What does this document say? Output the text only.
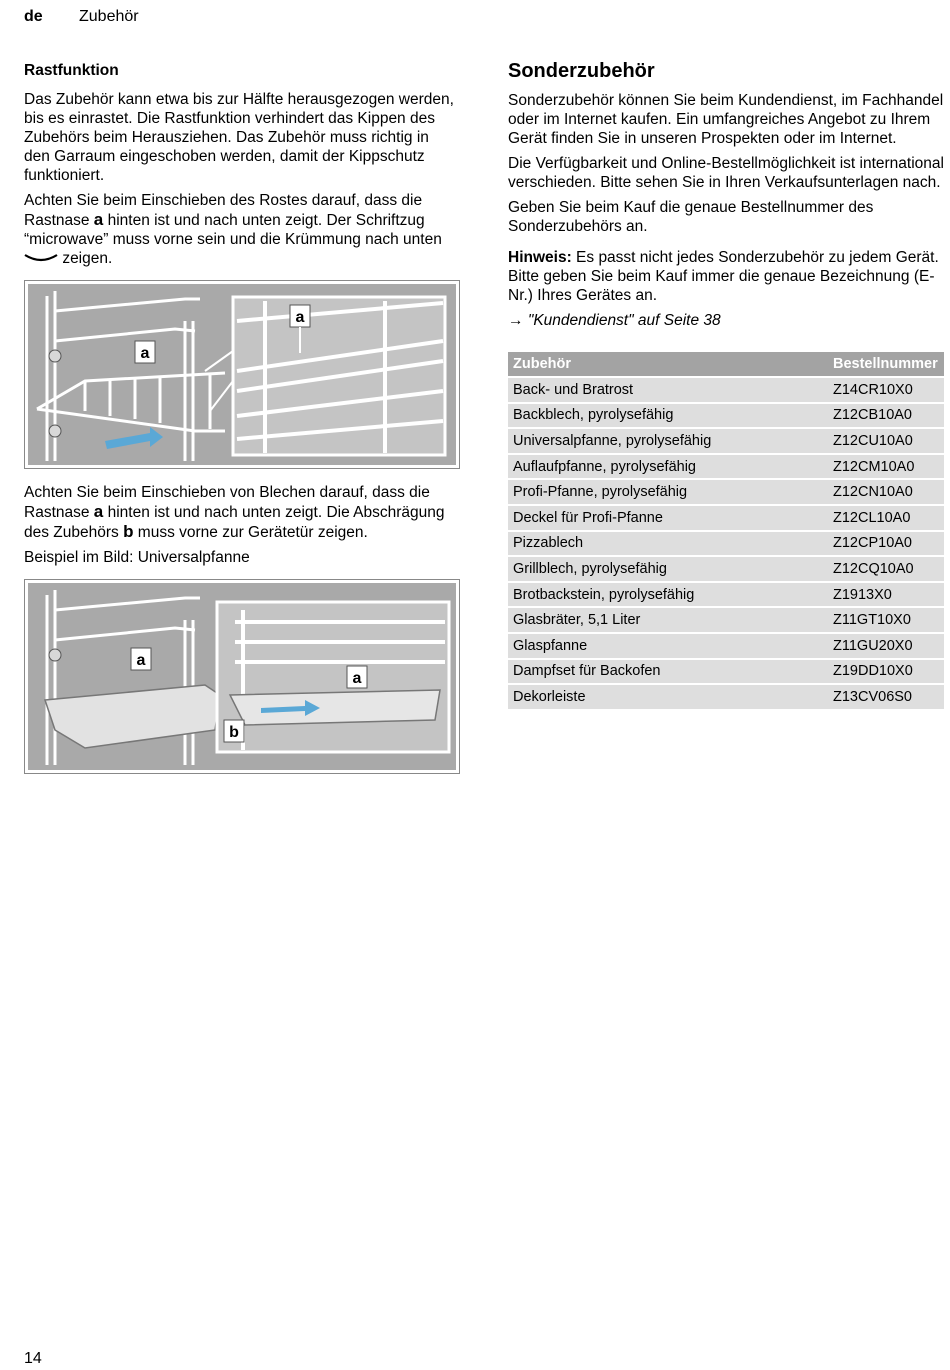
de Zubehör
Rastfunktion

Das Zubehör kann etwa bis zur Hälfte herausgezogen werden, bis es einrastet. Die Rastfunktion verhindert das Kippen des Zubehörs beim Herausziehen. Das Zubehör muss richtig in den Garraum eingeschoben werden, damit der Kippschutz funktioniert.

Achten Sie beim Einschieben des Rostes darauf, dass die Rastnase a hinten ist und nach unten zeigt. Der Schriftzug “microwave” muss vorne sein und die Krümmung nach unten  zeigen.

a
a

Achten Sie beim Einschieben von Blechen darauf, dass die Rastnase a hinten ist und nach unten zeigt. Die Abschrägung des Zubehörs b muss vorne zur Gerätetür zeigen.

Beispiel im Bild: Universalpfanne

a
a
b
Sonderzubehör

Sonderzubehör können Sie beim Kundendienst, im Fachhandel oder im Internet kaufen. Ein umfangreiches Angebot zu Ihrem Gerät finden Sie in unseren Prospekten oder im Internet.

Die Verfügbarkeit und Online-Bestellmöglichkeit ist international verschieden. Bitte sehen Sie in Ihren Verkaufsunterlagen nach.

Geben Sie beim Kauf die genaue Bestellnummer des Sonderzubehörs an.

Hinweis: Es passt nicht jedes Sonderzubehör zu jedem Gerät. Bitte geben Sie beim Kauf immer die genaue Bezeichnung (E-Nr.) Ihres Gerätes an.

→ "Kundendienst" auf Seite 38

Zubehör	Bestellnummer
Back- und Bratrost	Z14CR10X0
Backblech, pyrolysefähig	Z12CB10A0
Universalpfanne, pyrolysefähig	Z12CU10A0
Auflaufpfanne, pyrolysefähig	Z12CM10A0
Profi-Pfanne, pyrolysefähig	Z12CN10A0
Deckel für Profi-Pfanne	Z12CL10A0
Pizzablech	Z12CP10A0
Grillblech, pyrolysefähig	Z12CQ10A0
Brotbackstein, pyrolysefähig	Z1913X0
Glasbräter, 5,1 Liter	Z11GT10X0
Glaspfanne	Z11GU20X0
Dampfset für Backofen	Z19DD10X0
Dekorleiste	Z13CV06S0
14
